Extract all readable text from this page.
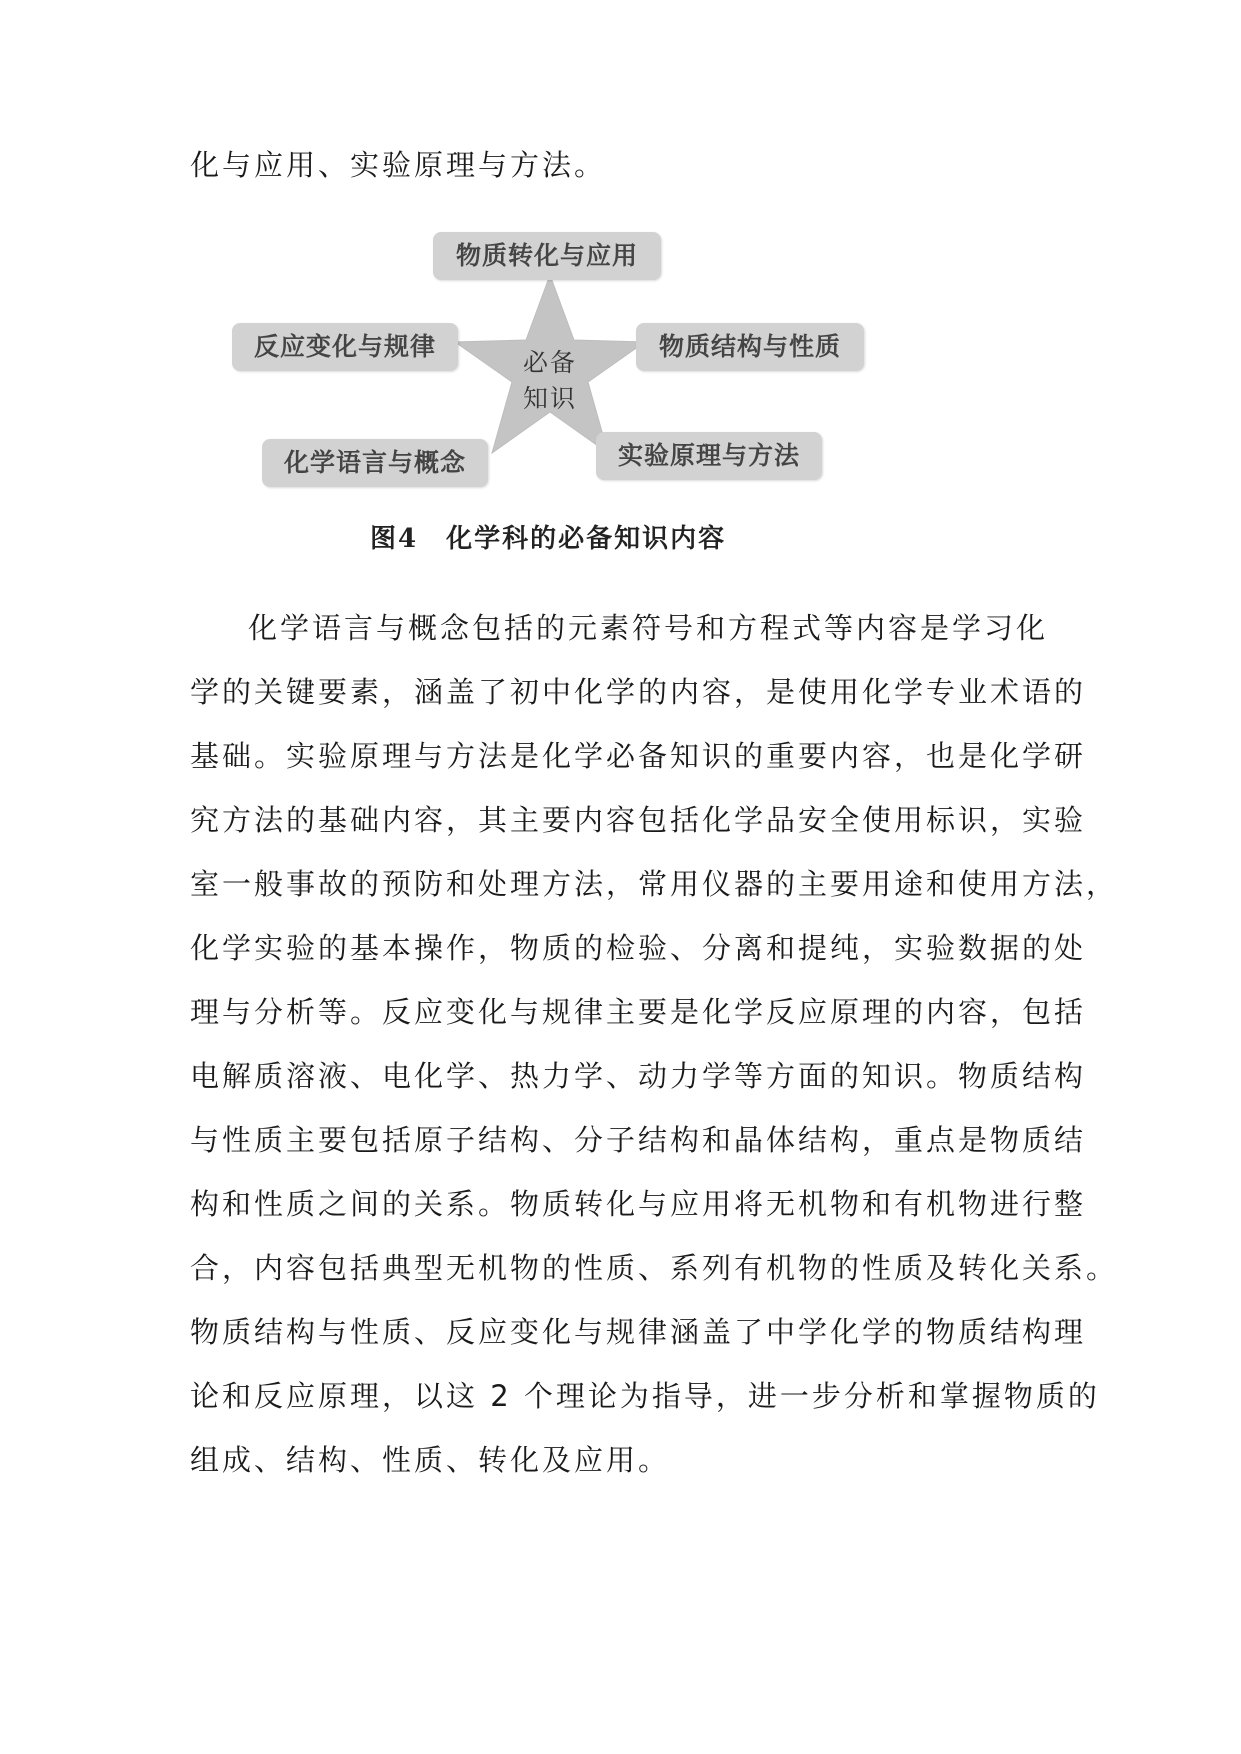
化与应用、实验原理与方法。
必备
知识
物质转化与应用
反应变化与规律	物质结构与性质
化学语言与概念	实验原理与方法
图4 化学科的必备知识内容
化学语言与概念包括的元素符号和方程式等内容是学习化
学的关键要素，涵盖了初中化学的内容，是使用化学专业术语的
基础。实验原理与方法是化学必备知识的重要内容，也是化学研
究方法的基础内容，其主要内容包括化学品安全使用标识，实验
室一般事故的预防和处理方法，常用仪器的主要用途和使用方法，
化学实验的基本操作，物质的检验、分离和提纯，实验数据的处
理与分析等。反应变化与规律主要是化学反应原理的内容，包括
电解质溶液、电化学、热力学、动力学等方面的知识。物质结构
与性质主要包括原子结构、分子结构和晶体结构，重点是物质结
构和性质之间的关系。物质转化与应用将无机物和有机物进行整
合，内容包括典型无机物的性质、系列有机物的性质及转化关系。
物质结构与性质、反应变化与规律涵盖了中学化学的物质结构理
论和反应原理，以这 2 个理论为指导，进一步分析和掌握物质的
组成、结构、性质、转化及应用。
